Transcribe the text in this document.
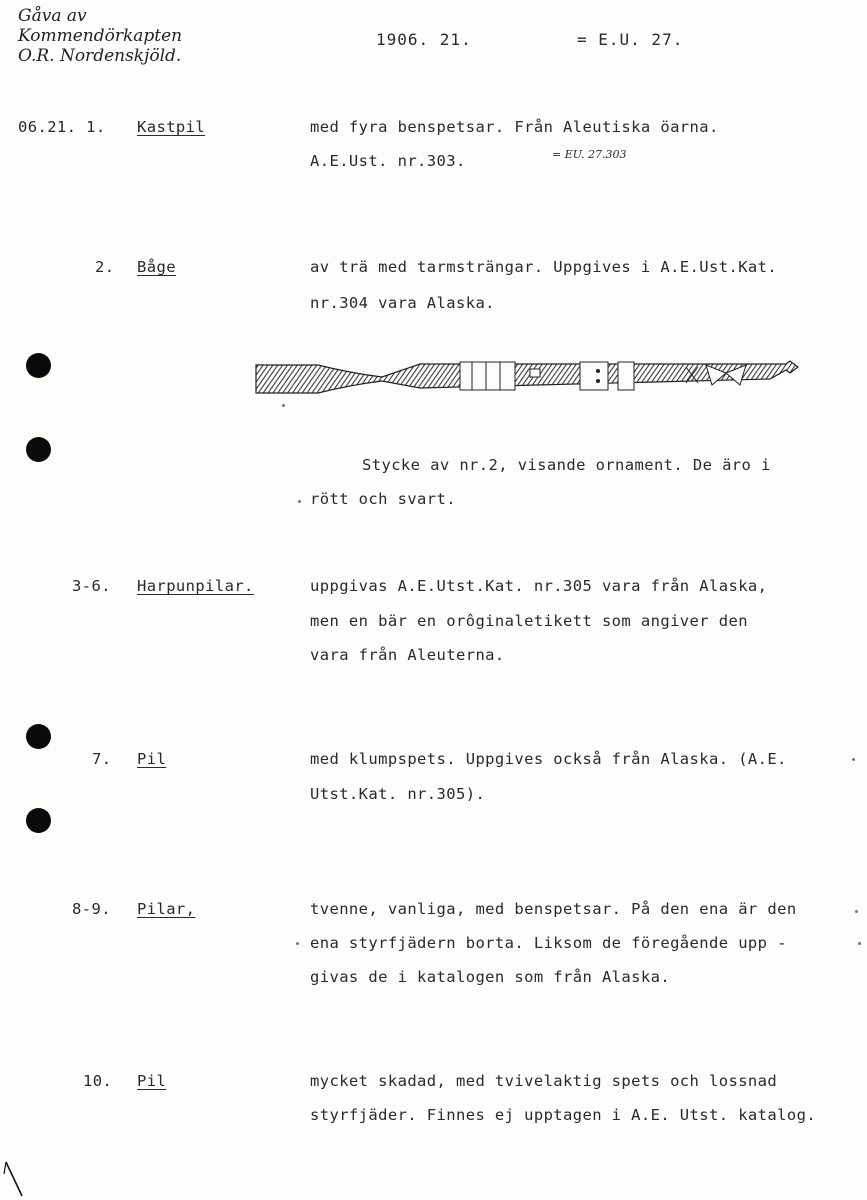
Gåva av
Kommendörkapten
O.R. Nordenskjöld.
1906. 21.	= E.U. 27.
06.21. 1. Kastpil	med fyra benspetsar. Från Aleutiska öarna.
A.E.Ust. nr.303.	= EU. 27.303
2. Båge	av trä med tarmsträngar. Uppgives i A.E.Ust.Kat.
nr.304 vara Alaska.
Stycke av nr.2, visande ornament. De äro i
rött och svart.
3-6. Harpunpilar.	uppgivas A.E.Utst.Kat. nr.305 vara från Alaska,
men en bär en orôginaletikett som angiver den
vara från Aleuterna.
7. Pil	med klumpspets. Uppgives också från Alaska. (A.E.
Utst.Kat. nr.305).
8-9. Pilar,	tvenne, vanliga, med benspetsar. På den ena är den
ena styrfjädern borta. Liksom de föregående upp -
givas de i katalogen som från Alaska.
10. Pil	mycket skadad, med tvivelaktig spets och lossnad
styrfjäder. Finnes ej upptagen i A.E. Utst. katalog.
